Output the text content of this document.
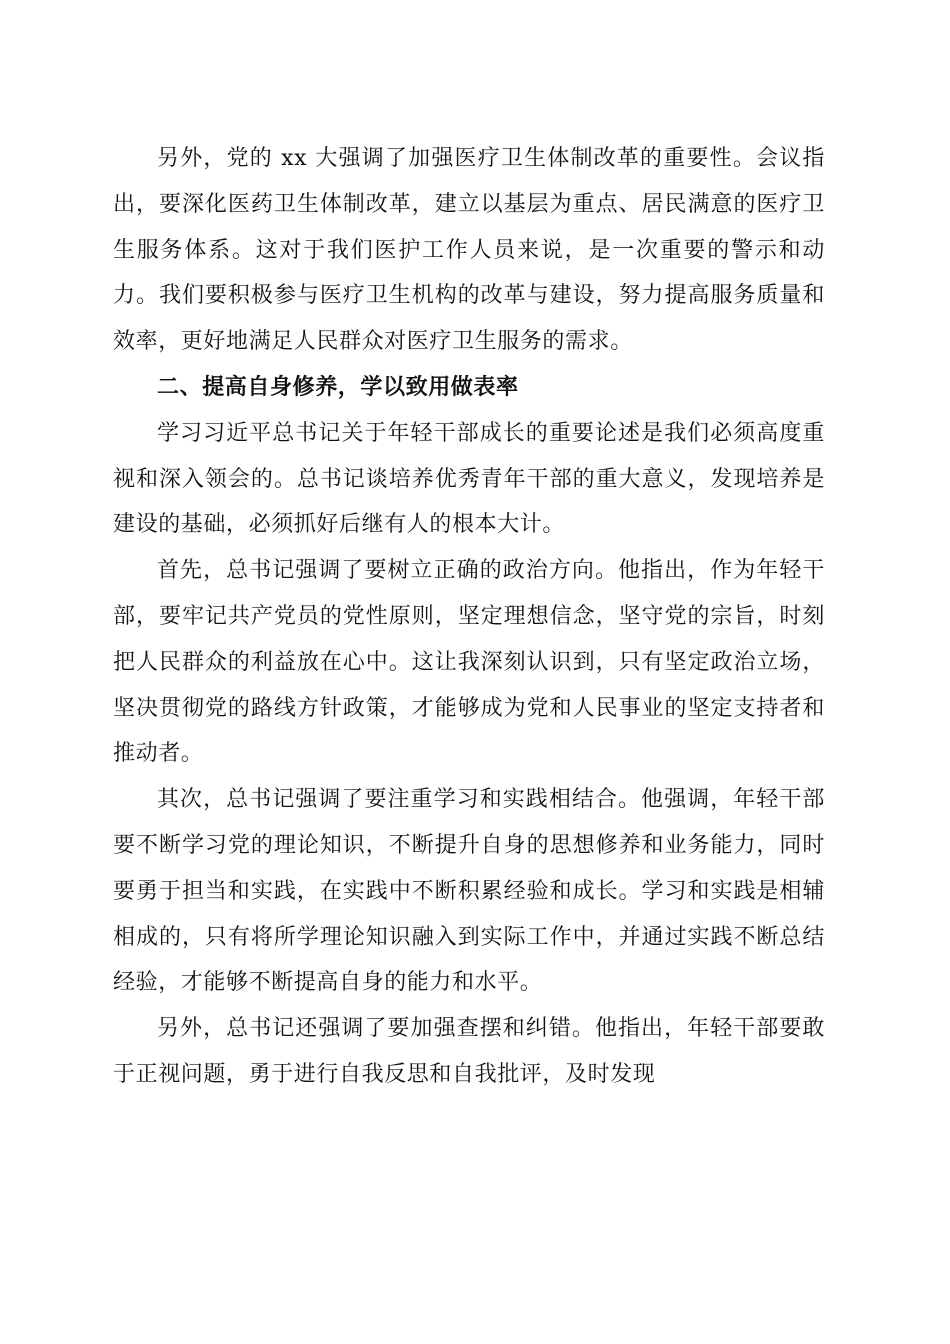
另外，党的 xx 大强调了加强医疗卫生体制改革的重要性。会议指出，要深化医药卫生体制改革，建立以基层为重点、居民满意的医疗卫生服务体系。这对于我们医护工作人员来说，是一次重要的警示和动力。我们要积极参与医疗卫生机构的改革与建设，努力提高服务质量和效率，更好地满足人民群众对医疗卫生服务的需求。

二、提高自身修养，学以致用做表率

学习习近平总书记关于年轻干部成长的重要论述是我们必须高度重视和深入领会的。总书记谈培养优秀青年干部的重大意义，发现培养是建设的基础，必须抓好后继有人的根本大计。

首先，总书记强调了要树立正确的政治方向。他指出，作为年轻干部，要牢记共产党员的党性原则，坚定理想信念，坚守党的宗旨，时刻把人民群众的利益放在心中。这让我深刻认识到，只有坚定政治立场，坚决贯彻党的路线方针政策，才能够成为党和人民事业的坚定支持者和推动者。

其次，总书记强调了要注重学习和实践相结合。他强调，年轻干部要不断学习党的理论知识，不断提升自身的思想修养和业务能力，同时要勇于担当和实践，在实践中不断积累经验和成长。学习和实践是相辅相成的，只有将所学理论知识融入到实际工作中，并通过实践不断总结经验，才能够不断提高自身的能力和水平。

另外，总书记还强调了要加强查摆和纠错。他指出，年轻干部要敢于正视问题，勇于进行自我反思和自我批评，及时发现
